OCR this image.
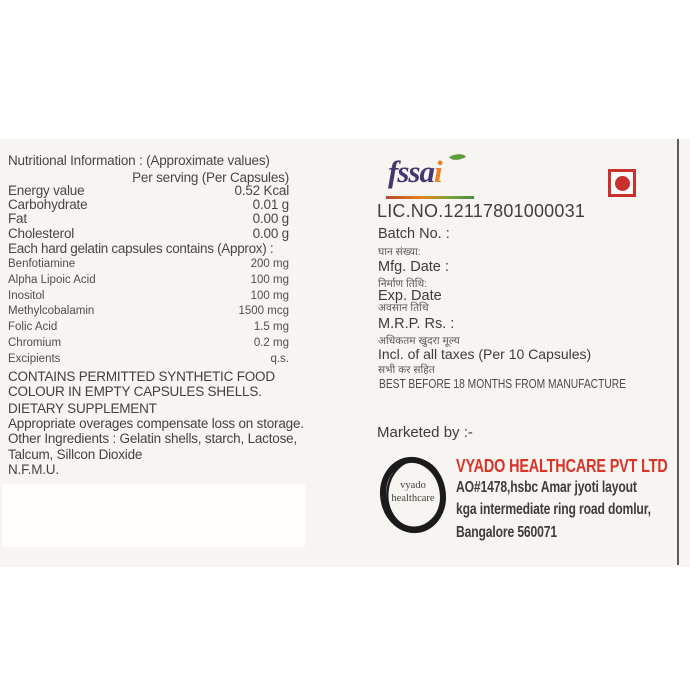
Nutritional Information : (Approximate values)
Per serving (Per Capsules)
Energy value	0.52 Kcal
Carbohydrate	0.01 g
Fat	0.00 g
Cholesterol	0.00 g
Each hard gelatin capsules contains (Approx) :
Benfotiamine	200 mg
Alpha Lipoic Acid	100 mg
Inositol	100 mg
Methylcobalamin	1500 mcg
Folic Acid	1.5 mg
Chromium	0.2 mg
Excipients	q.s.
CONTAINS PERMITTED SYNTHETIC FOOD
COLOUR IN EMPTY CAPSULES SHELLS.
DIETARY SUPPLEMENT
Appropriate overages compensate loss on storage.
Other Ingredients : Gelatin shells, starch, Lactose,
Talcum, Sillcon Dioxide
N.F.M.U.
fssai
LIC.NO.12117801000031
Batch No. :
घान संख्या:
Mfg. Date :
निर्माण तिथि:
Exp. Date
अवसान तिथि
M.R.P. Rs. :
अधिकतम खुदरा मूल्य
Incl. of all taxes (Per 10 Capsules)
सभी कर सहित
BEST BEFORE 18 MONTHS FROM MANUFACTURE
Marketed by :-
vyado
healthcare
VYADO HEALTHCARE PVT LTD
AO#1478,hsbc Amar jyoti layout
kga intermediate ring road domlur,
Bangalore 560071
